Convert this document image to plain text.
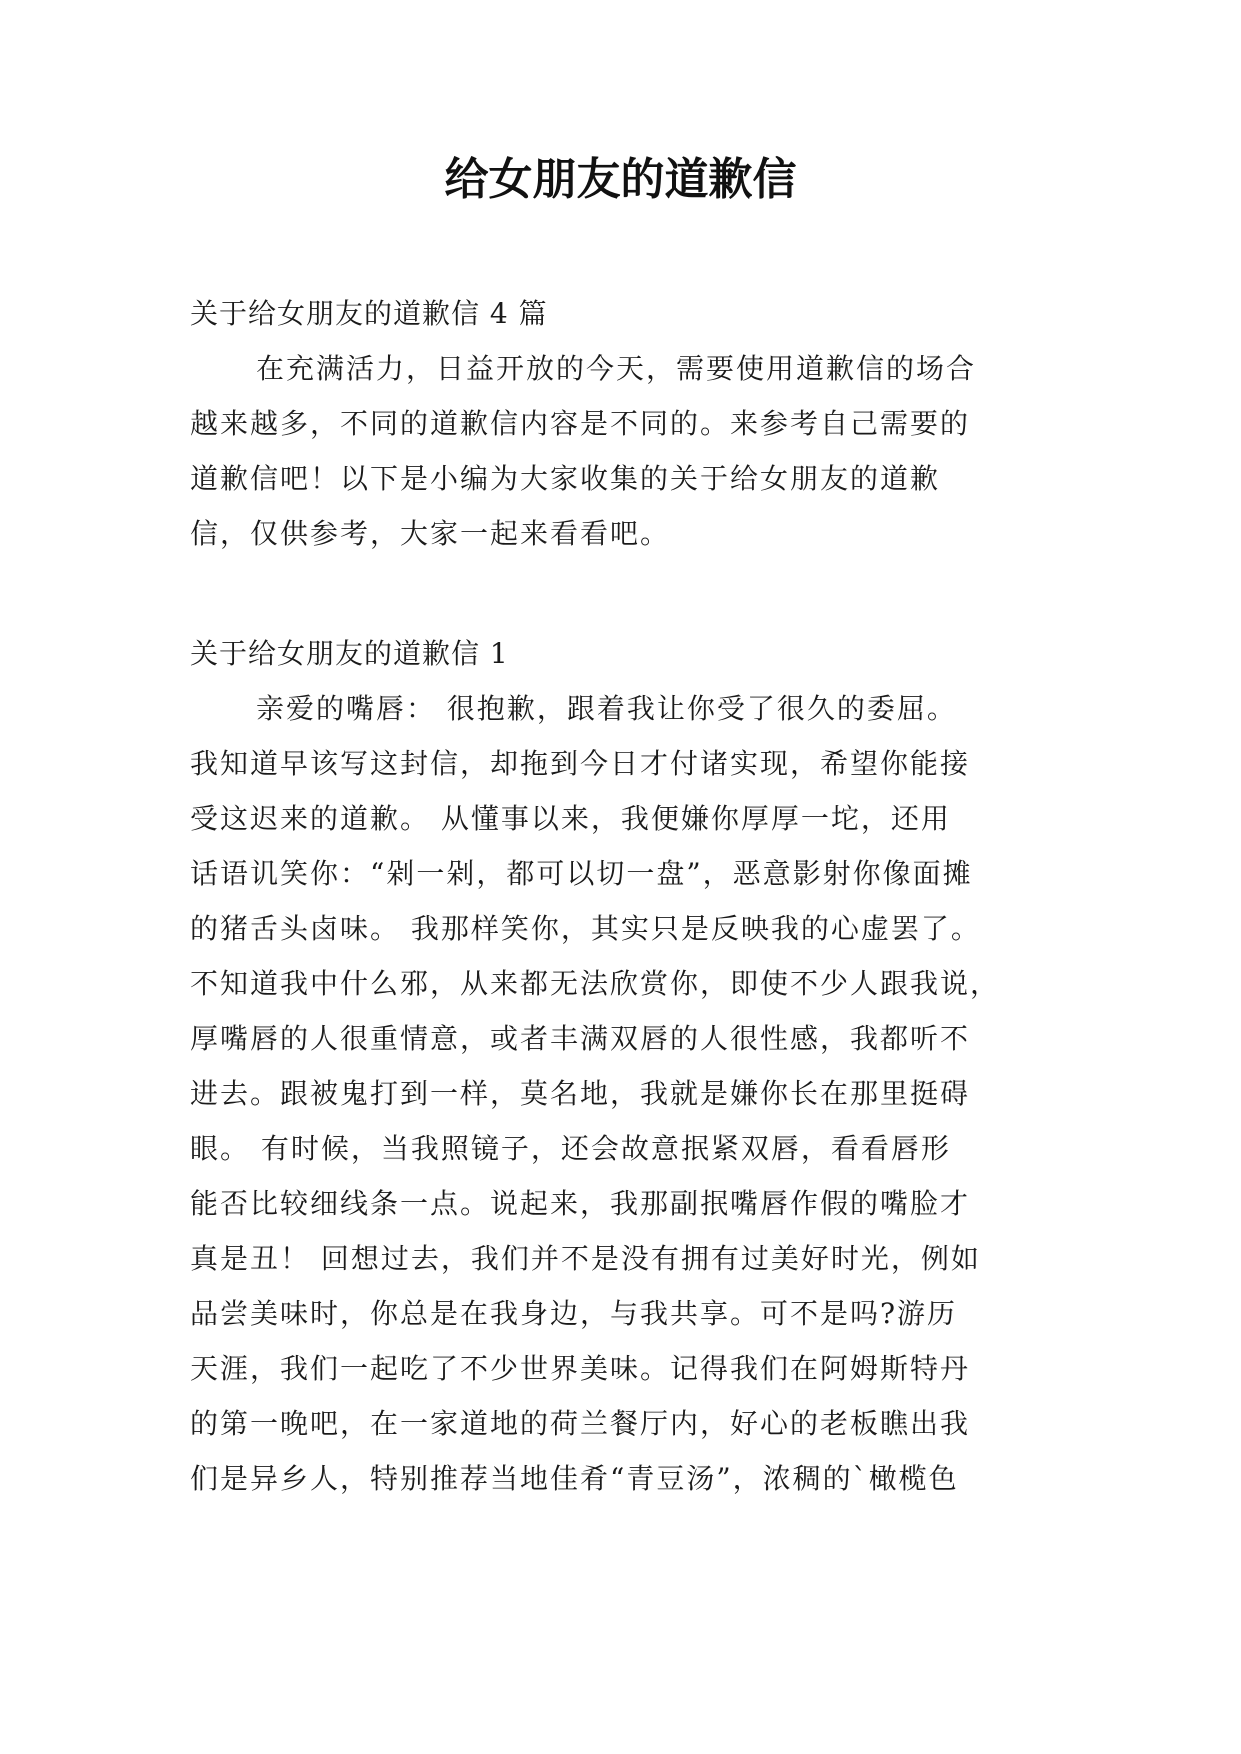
给女朋友的道歉信
关于给女朋友的道歉信 4 篇
在充满活力，日益开放的今天，需要使用道歉信的场合
越来越多，不同的道歉信内容是不同的。来参考自己需要的
道歉信吧！以下是小编为大家收集的关于给女朋友的道歉
信，仅供参考，大家一起来看看吧。
关于给女朋友的道歉信 1
亲爱的嘴唇： 很抱歉，跟着我让你受了很久的委屈。
我知道早该写这封信，却拖到今日才付诸实现，希望你能接
受这迟来的道歉。 从懂事以来，我便嫌你厚厚一坨，还用
话语讥笑你：“剁一剁，都可以切一盘”，恶意影射你像面摊
的猪舌头卤味。 我那样笑你，其实只是反映我的心虚罢了。
不知道我中什么邪，从来都无法欣赏你，即使不少人跟我说，
厚嘴唇的人很重情意，或者丰满双唇的人很性感，我都听不
进去。跟被鬼打到一样，莫名地，我就是嫌你长在那里挺碍
眼。 有时候，当我照镜子，还会故意抿紧双唇，看看唇形
能否比较细线条一点。说起来，我那副抿嘴唇作假的嘴脸才
真是丑！ 回想过去，我们并不是没有拥有过美好时光，例如
品尝美味时，你总是在我身边，与我共享。可不是吗?游历
天涯，我们一起吃了不少世界美味。记得我们在阿姆斯特丹
的第一晚吧，在一家道地的荷兰餐厅内，好心的老板瞧出我
们是异乡人，特别推荐当地佳肴“青豆汤”，浓稠的`橄榄色
